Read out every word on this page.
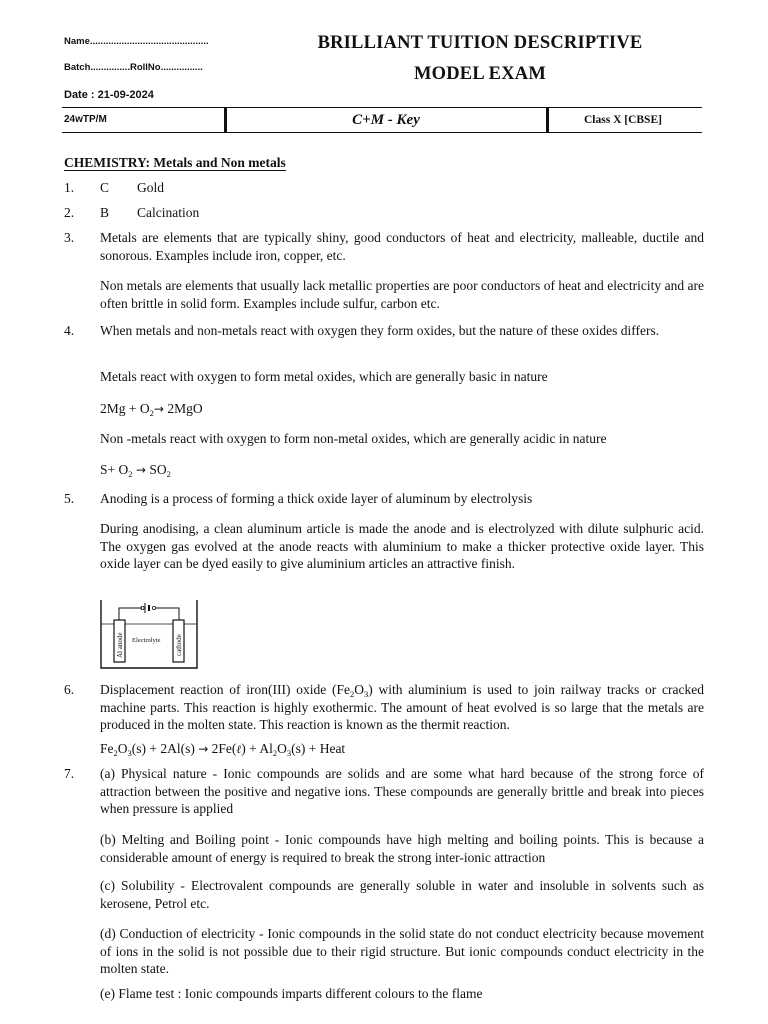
Name.............................................
Batch...............RollNo................
BRILLIANT TUITION DESCRIPTIVE
MODEL EXAM
Date : 21-09-2024
24wTP/M	C+M - Key	Class X [CBSE]
CHEMISTRY: Metals and Non metals
1. C Gold
2. B Calcination
3. Metals are elements that are typically shiny, good conductors of heat and electricity, malleable, ductile and sonorous. Examples include iron, copper, etc.
Non metals are elements that usually lack metallic properties are poor conductors of heat and electricity and are often brittle in solid form. Examples include sulfur, carbon etc.
4. When metals and non-metals react with oxygen they form oxides, but the nature of these oxides differs.
Metals react with oxygen to form metal oxides, which are generally basic in nature
$2Mg + O_2\to 2MgO$
Non -metals react with oxygen to form non-metal oxides, which are generally acidic in nature
$S+ O_2 \to SO_2$
5. Anoding is a process of forming a thick oxide layer of aluminum by electrolysis
During anodising, a clean aluminum article is made the anode and is electrolyzed with dilute sulphuric acid. The oxygen gas evolved at the anode reacts with aluminium to make a thicker protective oxide layer. This oxide layer can be dyed easily to give aluminium articles an attractive finish.
Al anode	cathode
Electrolyte
6. Displacement reaction of iron(III) oxide $(Fe_2O_3)$ with aluminium is used to join railway tracks or cracked machine parts. This reaction is highly exothermic. The amount of heat evolved is so large that the metals are produced in the molten state. This reaction is known as the thermit reaction.
$Fe_2O_3(s) + 2Al(s)$ → 2Fe(ℓ) + $Al_2O_3(s)$ + Heat
7. (a) Physical nature - Ionic compounds are solids and are some what hard because of the strong force of attraction between the positive and negative ions. These compounds are generally brittle and break into pieces when pressure is applied
(b) Melting and Boiling point - Ionic compounds have high melting and boiling points. This is because a considerable amount of energy is required to break the strong inter-ionic attraction
(c) Solubility - Electrovalent compounds are generally soluble in water and insoluble in solvents such as kerosene, Petrol etc.
(d) Conduction of electricity - Ionic compounds in the solid state do not conduct electricity because movement of ions in the solid is not possible due to their rigid structure. But ionic compounds conduct electricity in the molten state.
(e) Flame test : Ionic compounds imparts different colours to the flame
